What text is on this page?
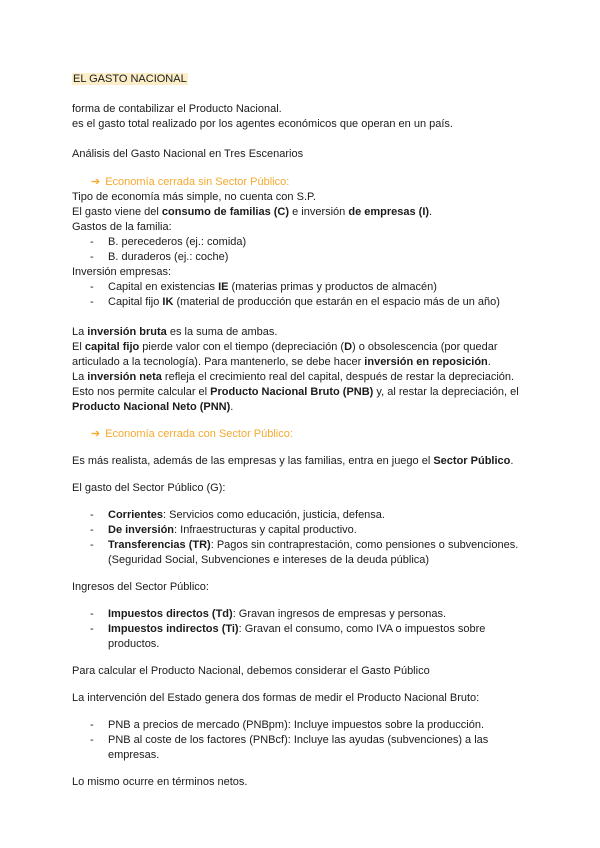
EL GASTO NACIONAL
forma de contabilizar el Producto Nacional.
es el gasto total realizado por los agentes económicos que operan en un país.
Análisis del Gasto Nacional en Tres Escenarios
➔ Economía cerrada sin Sector Público:
Tipo de economía más simple, no cuenta con S.P.
El gasto viene del consumo de familias (C) e inversión de empresas (I).
Gastos de la familia:
- B. perecederos (ej.: comida)
- B. duraderos (ej.: coche)
Inversión empresas:
- Capital en existencias IE (materias primas y productos de almacén)
- Capital fijo IK (material de producción que estarán en el espacio más de un año)
La inversión bruta es la suma de ambas.
El capital fijo pierde valor con el tiempo (depreciación (D) o obsolescencia (por quedar
articulado a la tecnología). Para mantenerlo, se debe hacer inversión en reposición.
La inversión neta refleja el crecimiento real del capital, después de restar la depreciación.
Esto nos permite calcular el Producto Nacional Bruto (PNB) y, al restar la depreciación, el
Producto Nacional Neto (PNN).
➔ Economía cerrada con Sector Público:
Es más realista, además de las empresas y las familias, entra en juego el Sector Público.
El gasto del Sector Público (G):
- Corrientes: Servicios como educación, justicia, defensa.
- De inversión: Infraestructuras y capital productivo.
- Transferencias (TR): Pagos sin contraprestación, como pensiones o subvenciones.
(Seguridad Social, Subvenciones e intereses de la deuda pública)
Ingresos del Sector Público:
- Impuestos directos (Td): Gravan ingresos de empresas y personas.
- Impuestos indirectos (Ti): Gravan el consumo, como IVA o impuestos sobre
productos.
Para calcular el Producto Nacional, debemos considerar el Gasto Público
La intervención del Estado genera dos formas de medir el Producto Nacional Bruto:
- PNB a precios de mercado (PNBpm): Incluye impuestos sobre la producción.
- PNB al coste de los factores (PNBcf): Incluye las ayudas (subvenciones) a las
empresas.
Lo mismo ocurre en términos netos.
